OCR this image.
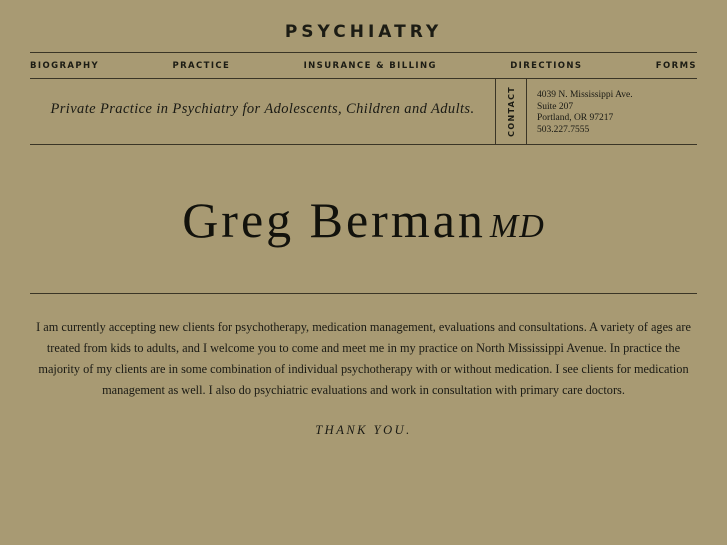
PSYCHIATRY
BIOGRAPHY	PRACTICE	INSURANCE & BILLING	DIRECTIONS	FORMS
Private Practice in Psychiatry for Adolescents, Children and Adults.	CONTACT 4039 N. Mississippi Ave.
Suite 207
Portland, OR 97217
503.227.7555
Greg Berman MD

I am currently accepting new clients for psychotherapy, medication management, evaluations and consultations. A variety of ages are treated from kids to adults, and I welcome you to come and meet me in my practice on North Mississippi Avenue. In practice the majority of my clients are in some combination of individual psychotherapy with or without medication. I see clients for medication management as well. I also do psychiatric evaluations and work in consultation with primary care doctors.

THANK YOU.
